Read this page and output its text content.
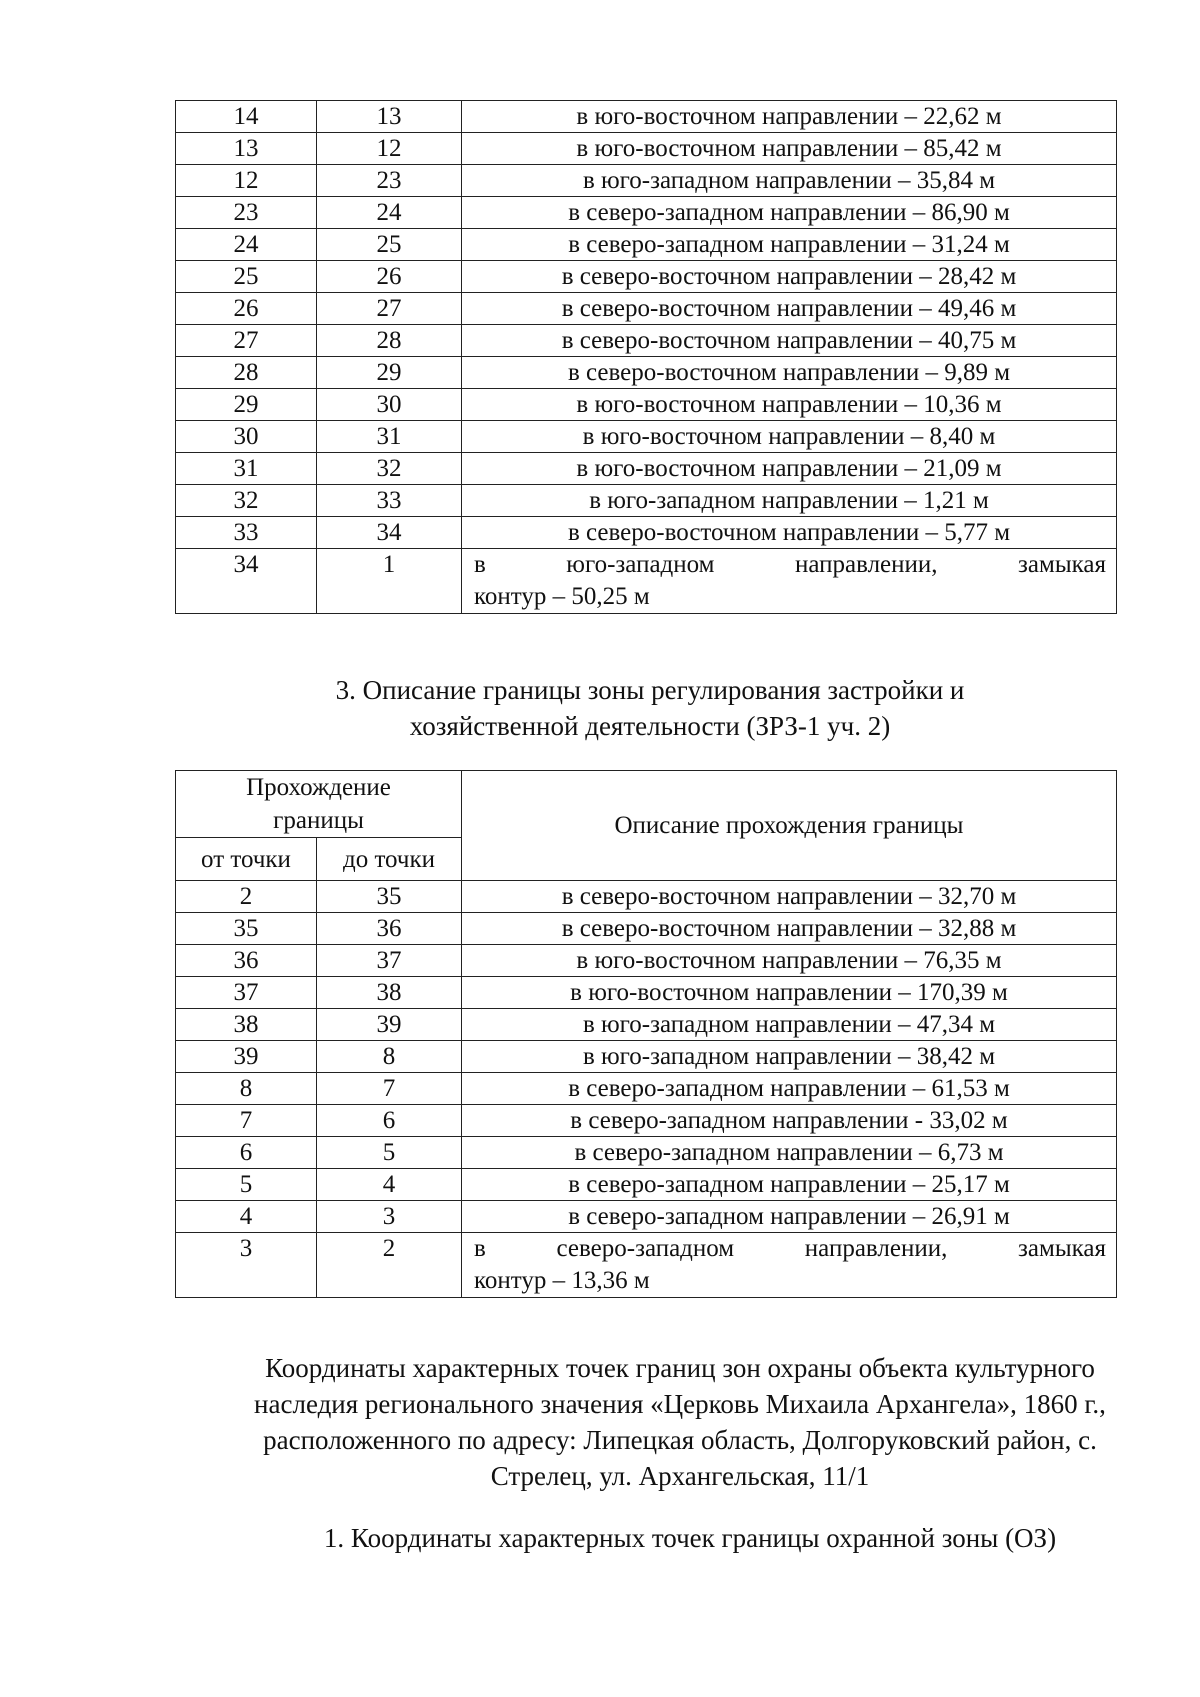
14	13	в юго-восточном направлении – 22,62 м
13	12	в юго-восточном направлении – 85,42 м
12	23	в юго-западном направлении – 35,84 м
23	24	в северо-западном направлении – 86,90 м
24	25	в северо-западном направлении – 31,24 м
25	26	в северо-восточном направлении – 28,42 м
26	27	в северо-восточном направлении – 49,46 м
27	28	в северо-восточном направлении – 40,75 м
28	29	в северо-восточном направлении – 9,89 м
29	30	в юго-восточном направлении – 10,36 м
30	31	в юго-восточном направлении – 8,40 м
31	32	в юго-восточном направлении – 21,09 м
32	33	в юго-западном направлении – 1,21 м
33	34	в северо-восточном направлении – 5,77 м
34	1	в юго-западном направлении, замыкая
контур – 50,25 м
3. Описание границы зоны регулирования застройки и
хозяйственной деятельности (ЗРЗ-1 уч. 2)
Прохождение границы		Описание прохождения границы
от точки	до точки	
2	35	в северо-восточном направлении – 32,70 м
35	36	в северо-восточном направлении – 32,88 м
36	37	в юго-восточном направлении – 76,35 м
37	38	в юго-восточном направлении – 170,39 м
38	39	в юго-западном направлении – 47,34 м
39	8	в юго-западном направлении – 38,42 м
8	7	в северо-западном направлении – 61,53 м
7	6	в северо-западном направлении - 33,02 м
6	5	в северо-западном направлении – 6,73 м
5	4	в северо-западном направлении – 25,17 м
4	3	в северо-западном направлении – 26,91 м
3	2	в северо-западном направлении, замыкая
контур – 13,36 м
Координаты характерных точек границ зон охраны объекта культурного
наследия регионального значения «Церковь Михаила Архангела», 1860 г.,
расположенного по адресу: Липецкая область, Долгоруковский район, с.
Стрелец, ул. Архангельская, 11/1
1. Координаты характерных точек границы охранной зоны (ОЗ)
